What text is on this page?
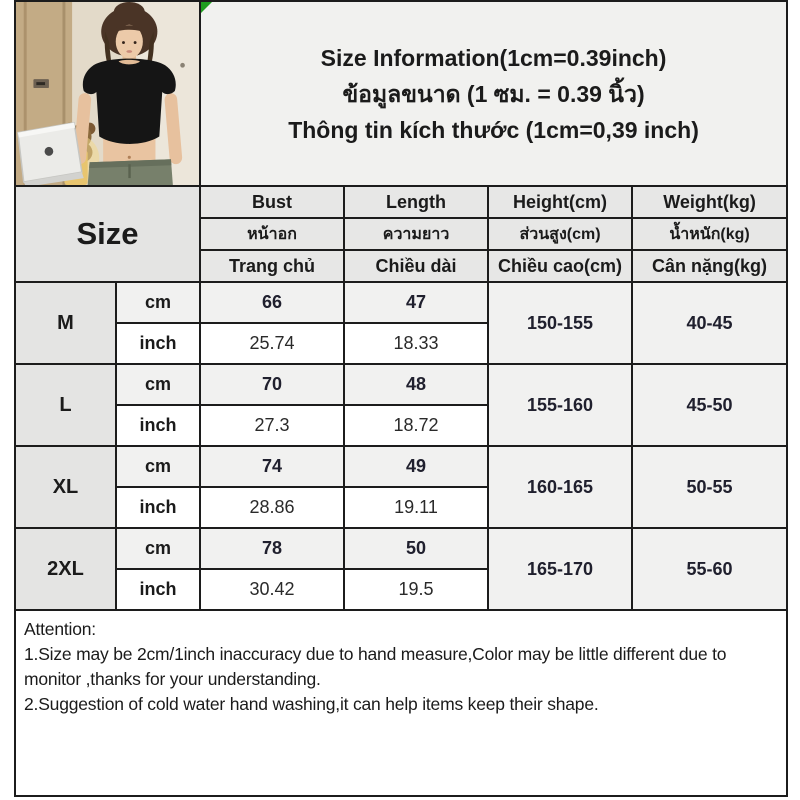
Size Information(1cm=0.39inch)
ข้อมูลขนาด (1 ซม. = 0.39 นิ้ว)
Thông tin kích thước (1cm=0,39 inch)			

Size		Bust	Length	Height(cm)	Weight(kg)
		หน้าอก	ความยาว	ส่วนสูง(cm)	น้ำหนัก(kg)
		Trang chủ	Chiều dài	Chiều cao(cm)	Cân nặng(kg)
M	cm	66	47	150-155	40-45
	inch	25.74	18.33		
L	cm	70	48	155-160	45-50
	inch	27.3	18.72		
XL	cm	74	49	160-165	50-55
	inch	28.86	19.11		
2XL	cm	78	50	165-170	55-60
	inch	30.42	19.5		

Attention:

1.Size may be 2cm/1inch inaccuracy due to hand measure,Color may be little different due to monitor ,thanks for your understanding.

2.Suggestion of cold water hand washing,it can help items keep their shape.					
